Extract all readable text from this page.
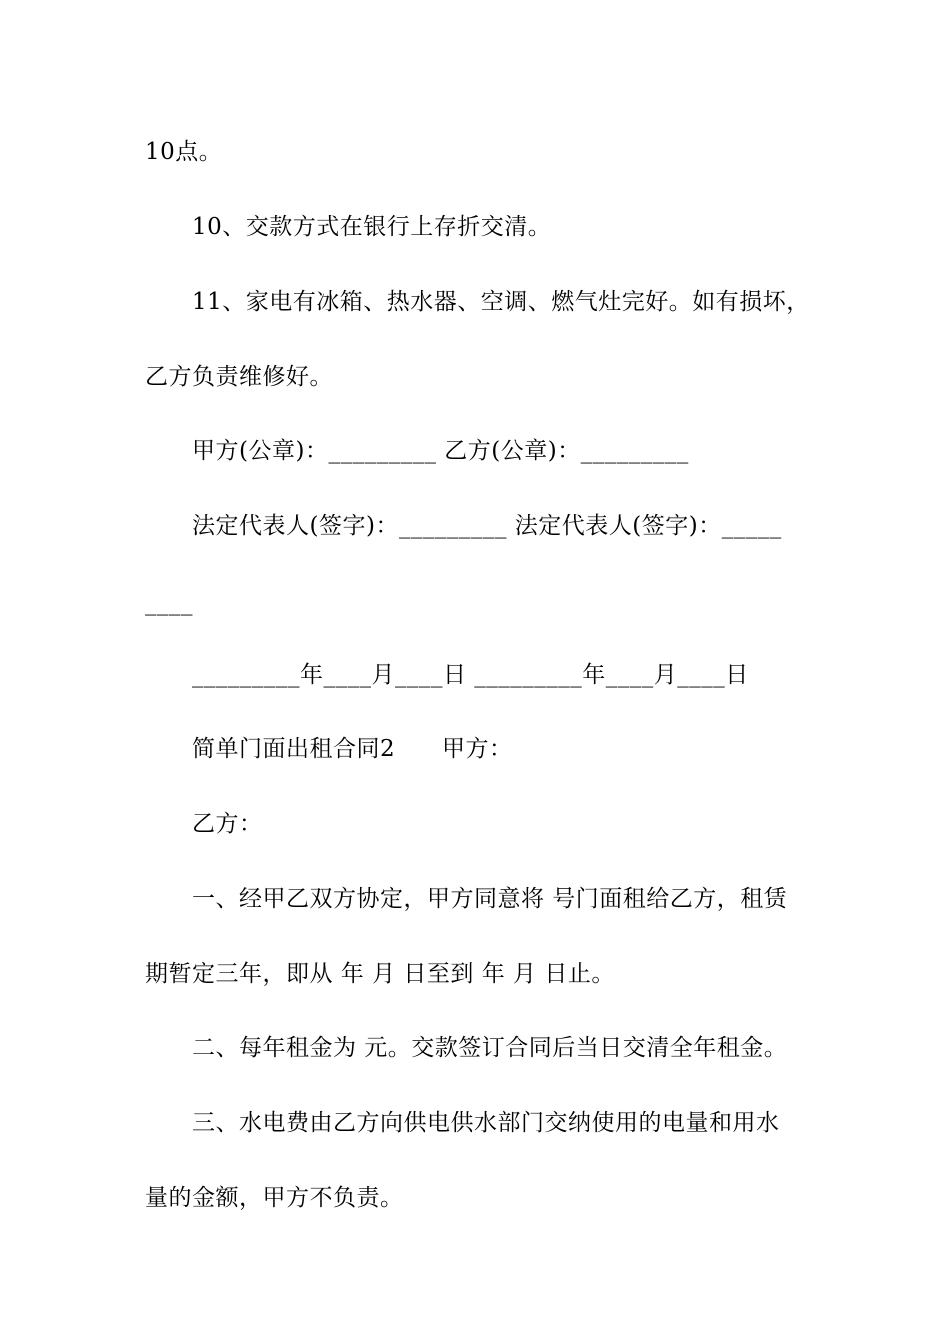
10点。
10、交款方式在银行上存折交清。
11、家电有冰箱、热水器、空调、燃气灶完好。如有损坏，
乙方负责维修好。
甲方(公章)：_________ 乙方(公章)：_________
法定代表人(签字)：_________ 法定代表人(签字)：_____
____
_________年____月____日 _________年____月____日
简单门面出租合同2      甲方：
乙方：
一、经甲乙双方协定，甲方同意将 号门面租给乙方，租赁
期暂定三年，即从 年 月 日至到 年 月 日止。
二、每年租金为 元。交款签订合同后当日交清全年租金。
三、水电费由乙方向供电供水部门交纳使用的电量和用水
量的金额，甲方不负责。
